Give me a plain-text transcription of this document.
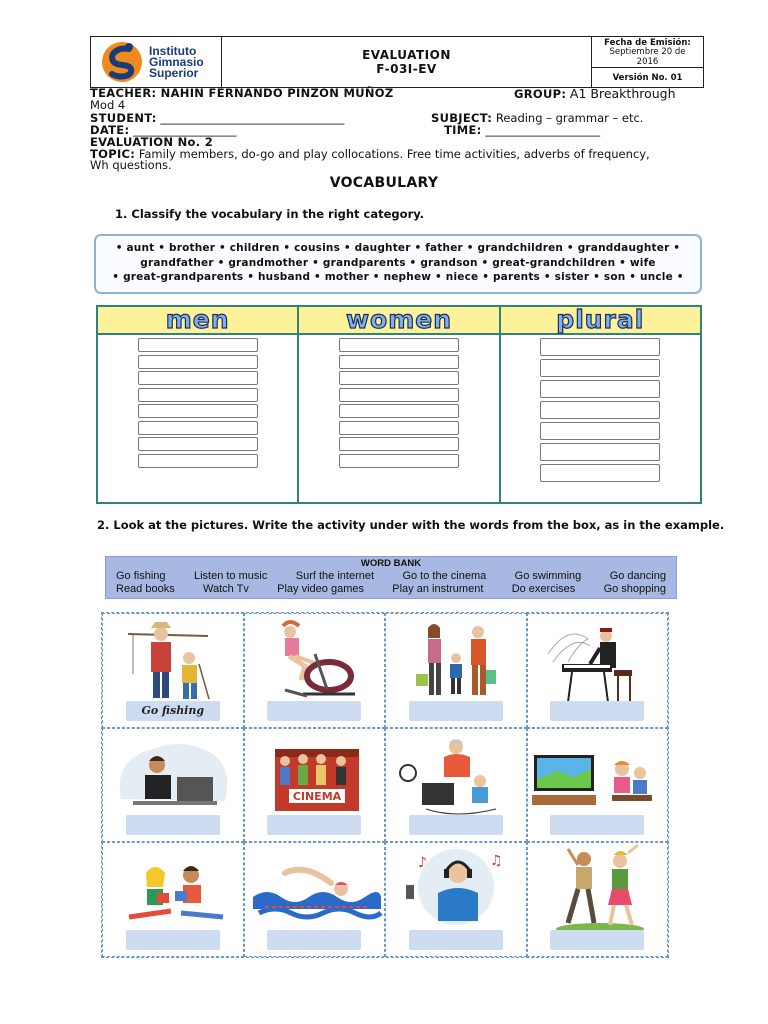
Instituto
Gimnasio
Superior
EVALUATION
F-03I-EV
Fecha de Emisión:
Septiembre 20 de
2016
Versión No. 01
TEACHER: NAHIN FERNANDO PINZON MUÑOZ	GROUP: A1 Breakthrough
Mod 4
STUDENT: ________________________________	SUBJECT: Reading – grammar – etc.
DATE: __________________	TIME: ____________________
EVALUATION No. 2
TOPIC: Family members, do-go and play collocations. Free time activities, adverbs of frequency,
Wh questions.
VOCABULARY
1. Classify the vocabulary in the right category.
• aunt • brother • children • cousins • daughter • father • grandchildren • granddaughter •
grandfather • grandmother • grandparents • grandson • great-grandchildren • wife
• great-grandparents • husband • mother • nephew • niece • parents • sister • son • uncle •
men	women	plural
2. Look at the pictures. Write the activity under with the words from the box, as in the example.
WORD BANK
Go fishing	Listen to music	Surf the internet	Go to the cinema	Go swimming	Go dancing
Read books	Watch Tv	Play video games	Play an instrument	Do exercises	Go shopping
Go fishing
CINEMA
♪	♫
